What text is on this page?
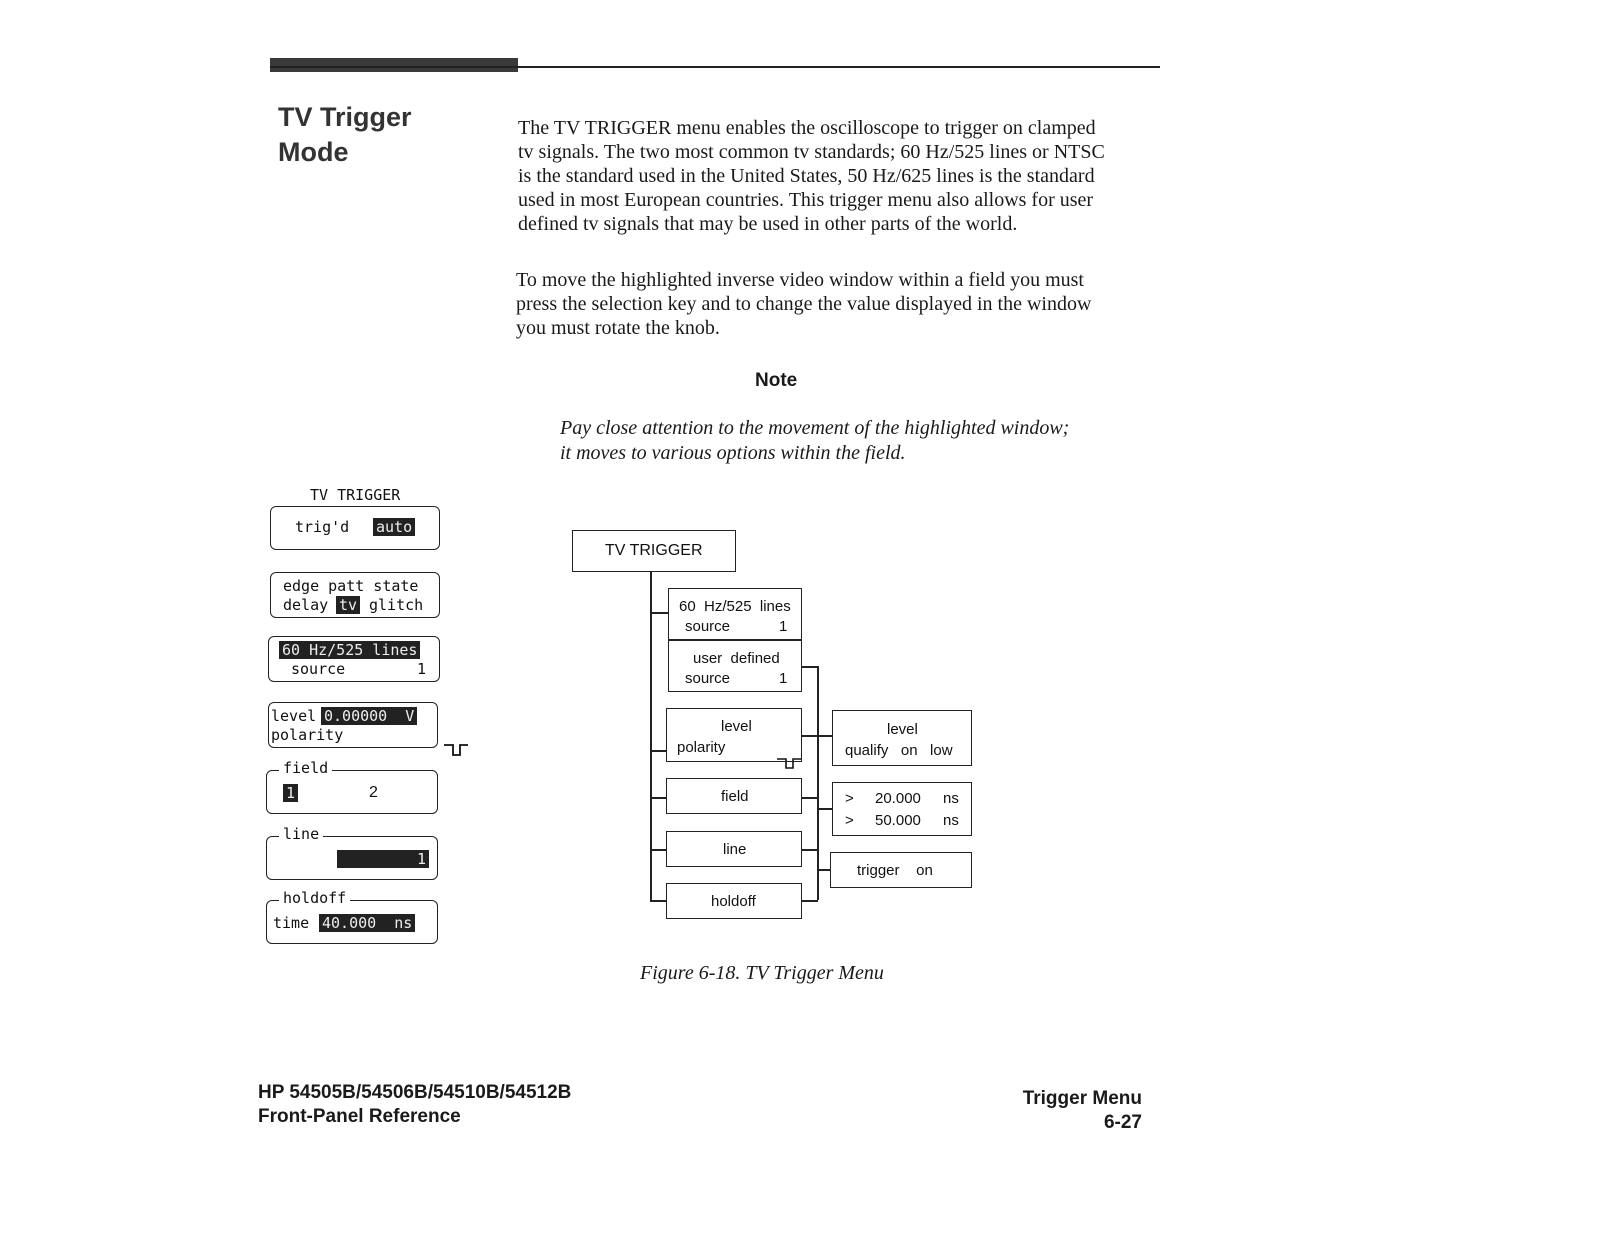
TV Trigger
Mode
The TV TRIGGER menu enables the oscilloscope to trigger on clamped
tv signals. The two most common tv standards; 60 Hz/525 lines or NTSC
is the standard used in the United States, 50 Hz/625 lines is the standard
used in most European countries. This trigger menu also allows for user
defined tv signals that may be used in other parts of the world.
To move the highlighted inverse video window within a field you must
press the selection key and to change the value displayed in the window
you must rotate the knob.
Note
Pay close attention to the movement of the highlighted window;
it moves to various options within the field.
TV TRIGGER
trig'd auto
edge patt state
delay tv glitch
60 Hz/525 lines
source	1
level 0.00000  V
polarity

field
1	2
line
1
holdoff
time 40.000  ns
TV TRIGGER
60  Hz/525  lines
source	1
user  defined
source	1
level
polarity

field
line
holdoff
level
qualify   on   low
> 20.000 ns
> 50.000 ns
trigger    on
Figure 6-18. TV Trigger Menu
HP 54505B/54506B/54510B/54512B
Front-Panel Reference
Trigger Menu
6-27
